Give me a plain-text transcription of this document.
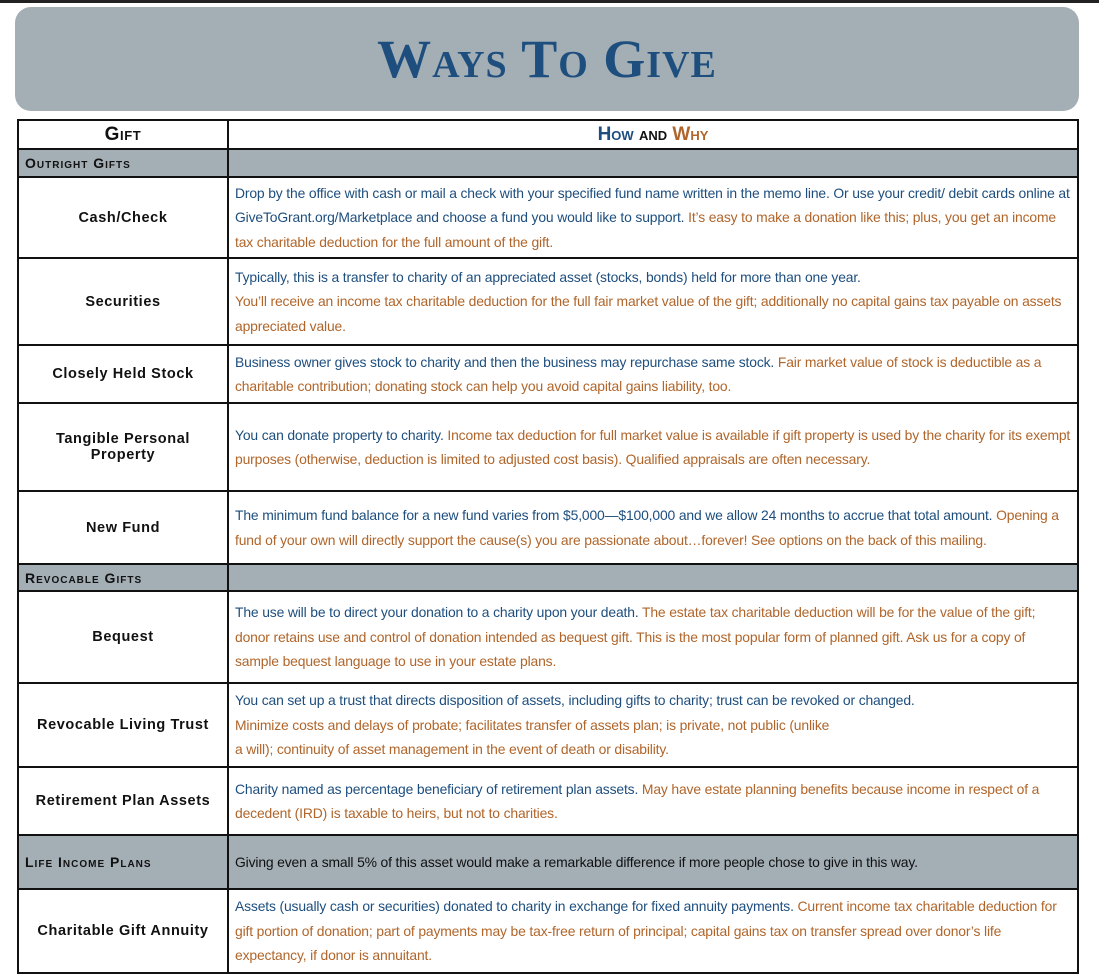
Ways To Give
Gift	How and Why
Outright Gifts	
Cash/Check	Drop by the office with cash or mail a check with your specified fund name written in the memo line. Or use your credit/ debit cards online at GiveToGrant.org/Marketplace and choose a fund you would like to support. It’s easy to make a donation like this; plus, you get an income tax charitable deduction for the full amount of the gift.
Securities	Typically, this is a transfer to charity of an appreciated asset (stocks, bonds) held for more than one year.
You’ll receive an income tax charitable deduction for the full fair market value of the gift; additionally no capital gains tax payable on assets appreciated value.
Closely Held Stock	Business owner gives stock to charity and then the business may repurchase same stock. Fair market value of stock is deductible as a charitable contribution; donating stock can help you avoid capital gains liability, too.
Tangible Personal Property	You can donate property to charity. Income tax deduction for full market value is available if gift property is used by the charity for its exempt purposes (otherwise, deduction is limited to adjusted cost basis). Qualified appraisals are often necessary.
New Fund	The minimum fund balance for a new fund varies from $5,000—$100,000 and we allow 24 months to accrue that total amount. Opening a fund of your own will directly support the cause(s) you are passionate about…forever! See options on the back of this mailing.
Revocable Gifts	
Bequest	The use will be to direct your donation to a charity upon your death. The estate tax charitable deduction will be for the value of the gift; donor retains use and control of donation intended as bequest gift. This is the most popular form of planned gift. Ask us for a copy of sample bequest language to use in your estate plans.
Revocable Living Trust	You can set up a trust that directs disposition of assets, including gifts to charity; trust can be revoked or changed.
Minimize costs and delays of probate; facilitates transfer of assets plan; is private, not public (unlike
a will); continuity of asset management in the event of death or disability.
Retirement Plan Assets	Charity named as percentage beneficiary of retirement plan assets. May have estate planning benefits because income in respect of a decedent (IRD) is taxable to heirs, but not to charities.
Life Income Plans	Giving even a small 5% of this asset would make a remarkable difference if more people chose to give in this way.
Charitable Gift Annuity	Assets (usually cash or securities) donated to charity in exchange for fixed annuity payments. Current income tax charitable deduction for gift portion of donation; part of payments may be tax-free return of principal; capital gains tax on transfer spread over donor’s life expectancy, if donor is annuitant.
